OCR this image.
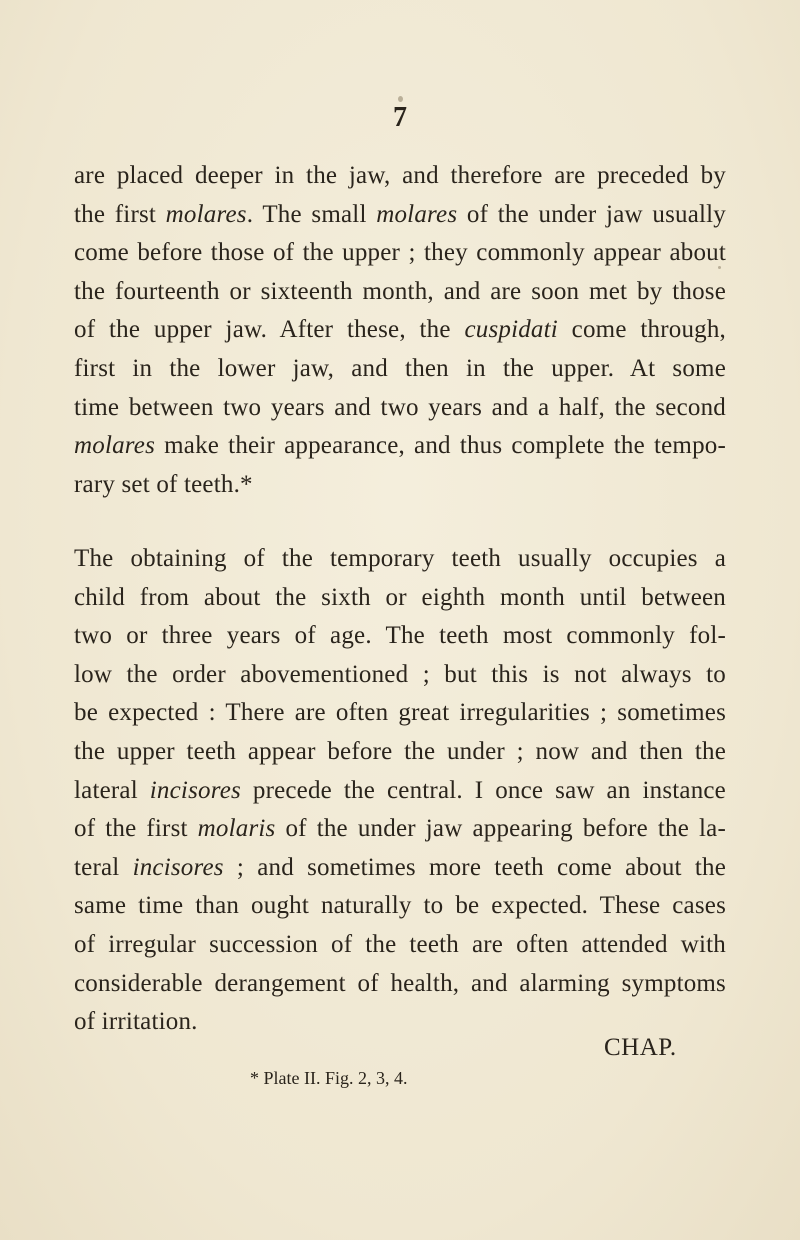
7

are placed deeper in the jaw, and therefore are preceded by
the first molares. The small molares of the under jaw usually
come before those of the upper ; they commonly appear about
the fourteenth or sixteenth month, and are soon met by those
of the upper jaw. After these, the cuspidati come through,
first in the lower jaw, and then in the upper. At some
time between two years and two years and a half, the second
molares make their appearance, and thus complete the tempo-
rary set of teeth.*

The obtaining of the temporary teeth usually occupies a
child from about the sixth or eighth month until between
two or three years of age. The teeth most commonly fol-
low the order abovementioned ; but this is not always to
be expected : There are often great irregularities ; sometimes
the upper teeth appear before the under ; now and then the
lateral incisores precede the central. I once saw an instance
of the first molaris of the under jaw appearing before the la-
teral incisores ; and sometimes more teeth come about the
same time than ought naturally to be expected. These cases
of irregular succession of the teeth are often attended with
considerable derangement of health, and alarming symptoms
of irritation.

CHAP.
* Plate II. Fig. 2, 3, 4.
